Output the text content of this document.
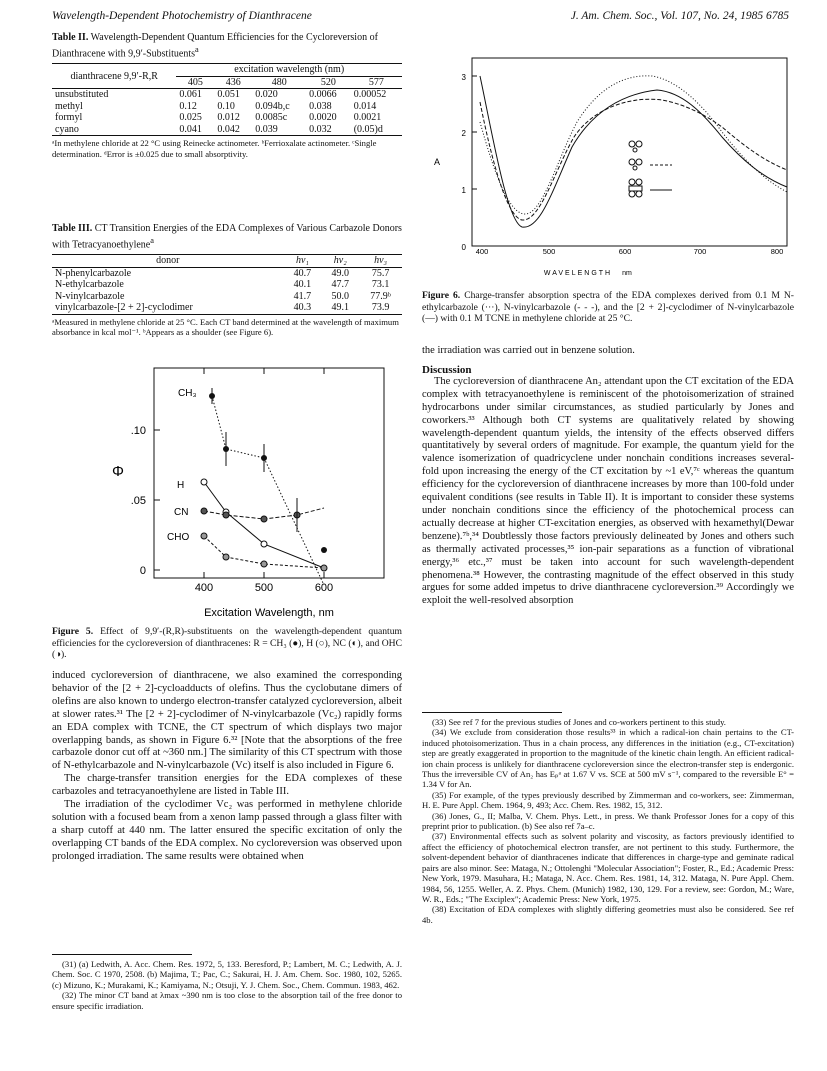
Wavelength-Dependent Photochemistry of Dianthracene	J. Am. Chem. Soc., Vol. 107, No. 24, 1985 6785

Table II. Wavelength-Dependent Quantum Efficiencies for the Cycloreversion of Dianthracene with 9,9′-Substituents$^a$

dianthracene 9,9′-R,R	excitation wavelength (nm)				
	405	436	480	520	577
unsubstituted	0.061	0.051	0.020	0.0066	0.00052
methyl	0.12	0.10	0.094b,c	0.038	0.014
formyl	0.025	0.012	0.0085c	0.0020	0.0021
cyano	0.041	0.042	0.039	0.032	(0.05)d

ᵃIn methylene chloride at 22 °C using Reinecke actinometer. ᵇFerrioxalate actinometer. ᶜSingle determination. ᵈError is ±0.025 due to small absorptivity.

Table III. CT Transition Energies of the EDA Complexes of Various Carbazole Donors with Tetracyanoethylene$^a$

donor	hν₁	hν₂	hν₃
N-phenylcarbazole	40.7	49.0	75.7
N-ethylcarbazole	40.1	47.7	73.1
N-vinylcarbazole	41.7	50.0	77.9ᵇ
vinylcarbazole-[2 + 2]-cyclodimer	40.3	49.1	73.9

ᵃMeasured in methylene chloride at 25 °C. Each CT band determined at the wavelength of maximum absorbance in kcal mol⁻¹. ᵇAppears as a shoulder (see Figure 6).

.10
.05
0
400	500	600
Φ
Excitation Wavelength, nm
CH₃
H
CN
CHO

Figure 5. Effect of 9,9′-(R,R)-substituents on the wavelength-dependent quantum efficiencies for the cycloreversion of dianthracenes: R = CH₃ (●), H (○), NC (◐), and OHC (◑).

induced cycloreversion of dianthracene, we also examined the corresponding behavior of the [2 + 2]-cycloadducts of olefins. Thus the cyclobutane dimers of olefins are also known to undergo electron-transfer catalyzed cycloreversion, albeit at slower rates.³¹ The [2 + 2]-cyclodimer of N-vinylcarbazole (Vc₂) rapidly forms an EDA complex with TCNE, the CT spectrum of which displays two major overlapping bands, as shown in Figure 6.³² [Note that the absorptions of the free carbazole donor cut off at ~360 nm.] The similarity of this CT spectrum with those of N-ethylcarbazole and N-vinylcarbazole (Vc) itself is also included in Figure 6.

The charge-transfer transition energies for the EDA complexes of these carbazoles and tetracyanoethylene are listed in Table III.

The irradiation of the cyclodimer Vc₂ was performed in methylene chloride solution with a focused beam from a xenon lamp passed through a glass filter with a sharp cutoff at 440 nm. The latter ensured the specific excitation of only the overlapping CT bands of the EDA complex. No cycloreversion was observed upon prolonged irradiation. The same results were obtained when

(31) (a) Ledwith, A. Acc. Chem. Res. 1972, 5, 133. Beresford, P.; Lambert, M. C.; Ledwith, A. J. Chem. Soc. C 1970, 2508. (b) Majima, T.; Pac, C.; Sakurai, H. J. Am. Chem. Soc. 1980, 102, 5265. (c) Mizuno, K.; Murakami, K.; Kamiyama, N.; Otsuji, Y. J. Chem. Soc., Chem. Commun. 1983, 462.

(32) The minor CT band at λmax ~390 nm is too close to the absorption tail of the free donor to ensure specific irradiation.

3
2
1
0
A
400	500	600	700	800
WAVELENGTH nm

Figure 6. Charge-transfer absorption spectra of the EDA complexes derived from 0.1 M N-ethylcarbazole (···), N-vinylcarbazole (- - -), and the [2 + 2]-cyclodimer of N-vinylcarbazole (—) with 0.1 M TCNE in methylene chloride at 25 °C.

the irradiation was carried out in benzene solution.

Discussion

The cycloreversion of dianthracene An₂ attendant upon the CT excitation of the EDA complex with tetracyanoethylene is reminiscent of the photoisomerization of strained hydrocarbons under similar circumstances, as studied particularly by Jones and coworkers.³³ Although both CT systems are qualitatively related by showing wavelength-dependent quantum yields, the intensity of the effects observed differs quantitatively by several orders of magnitude. For example, the quantum yield for the valence isomerization of quadricyclene under nonchain conditions increases several-fold upon increasing the energy of the CT excitation by ~1 eV,⁷ᶜ whereas the quantum efficiency for the cycloreversion of dianthracene increases by more than 100-fold under equivalent conditions (see results in Table II). It is important to consider these systems under nonchain conditions since the efficiency of the photochemical process can actually decrease at higher CT-excitation energies, as observed with hexamethyl(Dewar benzene).⁷ᵇ,³⁴ Doubtlessly those factors previously delineated by Jones and others such as thermally activated processes,³⁵ ion-pair separations as a function of vibrational energy,³⁶ etc.,³⁷ must be taken into account for such wavelength-dependent phenomena.³⁸ However, the contrasting magnitude of the effect observed in this study argues for some added impetus to drive dianthracene cycloreversion.³⁹ Accordingly we exploit the well-resolved absorption

(33) See ref 7 for the previous studies of Jones and co-workers pertinent to this study.

(34) We exclude from consideration those results³³ in which a radical-ion chain pertains to the CT-induced photoisomerization. Thus in a chain process, any differences in the initiation (e.g., CT-excitation) step are greatly exaggerated in proportion to the magnitude of the kinetic chain length. An efficient radical-ion chain process is unlikely for dianthracene cycloreversion since the electron-transfer step is endergonic. Thus the irreversible CV of An₂ has Eₚᵃ at 1.67 V vs. SCE at 500 mV s⁻¹, compared to the reversible E° = 1.34 V for An.

(35) For example, of the types previously described by Zimmerman and co-workers, see: Zimmerman, H. E. Pure Appl. Chem. 1964, 9, 493; Acc. Chem. Res. 1982, 15, 312.

(36) Jones, G., II; Malba, V. Chem. Phys. Lett., in press. We thank Professor Jones for a copy of this preprint prior to publication. (b) See also ref 7a–c.

(37) Environmental effects such as solvent polarity and viscosity, as factors previously identified to affect the efficiency of photochemical electron transfer, are not pertinent to this study. Furthermore, the solvent-dependent behavior of dianthracenes indicate that differences in charge-type and geminate radical pairs are also minor. See: Mataga, N.; Ottolenghi "Molecular Association"; Foster, R., Ed.; Academic Press: New York, 1979. Masuhara, H.; Mataga, N. Acc. Chem. Res. 1981, 14, 312. Mataga, N. Pure Appl. Chem. 1984, 56, 1255. Weller, A. Z. Phys. Chem. (Munich) 1982, 130, 129. For a review, see: Gordon, M.; Ware, W. R., Eds.; "The Exciplex"; Academic Press: New York, 1975.

(38) Excitation of EDA complexes with slightly differing geometries must also be considered. See ref 4b.
